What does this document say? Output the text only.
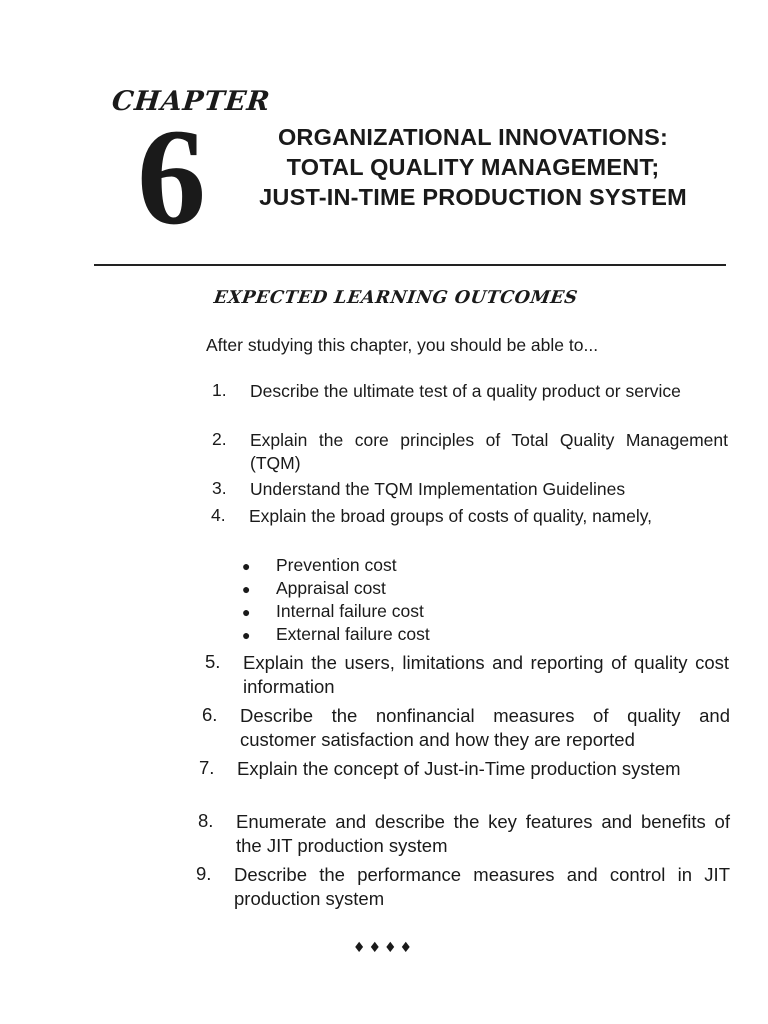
CHAPTER
6	ORGANIZATIONAL INNOVATIONS:
TOTAL QUALITY MANAGEMENT;
JUST-IN-TIME PRODUCTION SYSTEM
EXPECTED LEARNING OUTCOMES

After studying this chapter, you should be able to...

1.	Describe the ultimate test of a quality product or service
2.	Explain the core principles of Total Quality Management (TQM)
3.	Understand the TQM Implementation Guidelines
4.	Explain the broad groups of costs of quality, namely,
5.	Explain the users, limitations and reporting of quality cost information
6.	Describe the nonfinancial measures of quality and customer satisfaction and how they are reported
7.	Explain the concept of Just-in-Time production system
8.	Enumerate and describe the key features and benefits of the JIT production system
9.	Describe the performance measures and control in JIT production system
● Prevention cost
● Appraisal cost
● Internal failure cost
● External failure cost

♦♦♦♦
